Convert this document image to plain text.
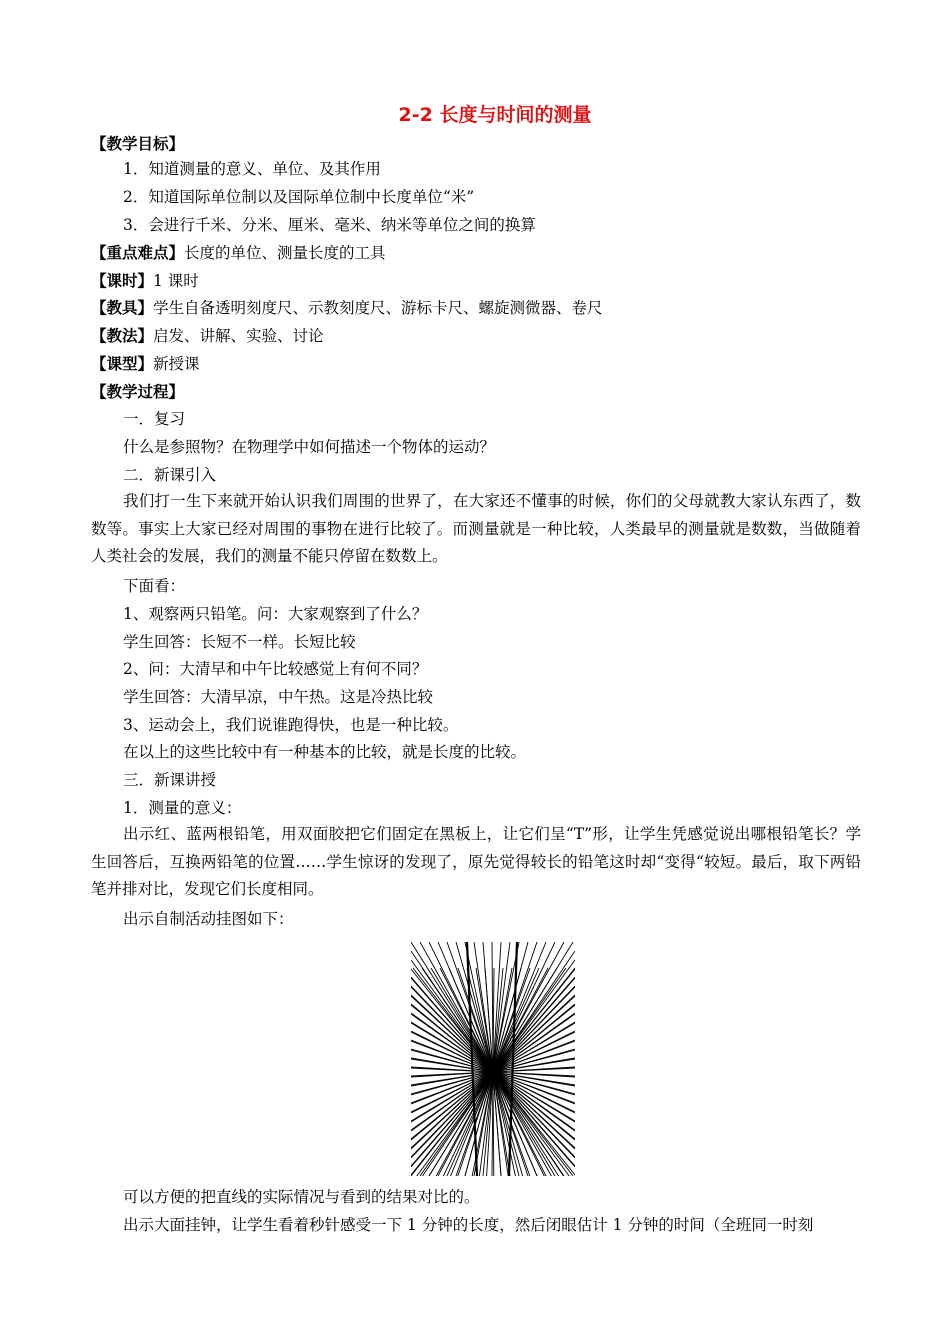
2-2 长度与时间的测量
【教学目标】
1．知道测量的意义、单位、及其作用
2．知道国际单位制以及国际单位制中长度单位“米”
3．会进行千米、分米、厘米、毫米、纳米等单位之间的换算
【重点难点】长度的单位、测量长度的工具
【课时】1 课时
【教具】学生自备透明刻度尺、示教刻度尺、游标卡尺、螺旋测微器、卷尺
【教法】启发、讲解、实验、讨论
【课型】新授课
【教学过程】
一．复习
什么是参照物？在物理学中如何描述一个物体的运动？
二．新课引入
我们打一生下来就开始认识我们周围的世界了，在大家还不懂事的时候，你们的父母就教大家认东西了，数数等。事实上大家已经对周围的事物在进行比较了。而测量就是一种比较，人类最早的测量就是数数，当做随着人类社会的发展，我们的测量不能只停留在数数上。
下面看：
1、观察两只铅笔。问：大家观察到了什么？
学生回答：长短不一样。长短比较
2、问：大清早和中午比较感觉上有何不同？
学生回答：大清早凉，中午热。这是冷热比较
3、运动会上，我们说谁跑得快，也是一种比较。
在以上的这些比较中有一种基本的比较，就是长度的比较。
三．新课讲授
1．测量的意义：
出示红、蓝两根铅笔，用双面胶把它们固定在黑板上，让它们呈“T”形，让学生凭感觉说出哪根铅笔长？学生回答后，互换两铅笔的位置……学生惊讶的发现了，原先觉得较长的铅笔这时却“变得“较短。最后，取下两铅笔并排对比，发现它们长度相同。
出示自制活动挂图如下：
可以方便的把直线的实际情况与看到的结果对比的。
出示大面挂钟，让学生看着秒针感受一下 1 分钟的长度，然后闭眼估计 1 分钟的时间（全班同一时刻
